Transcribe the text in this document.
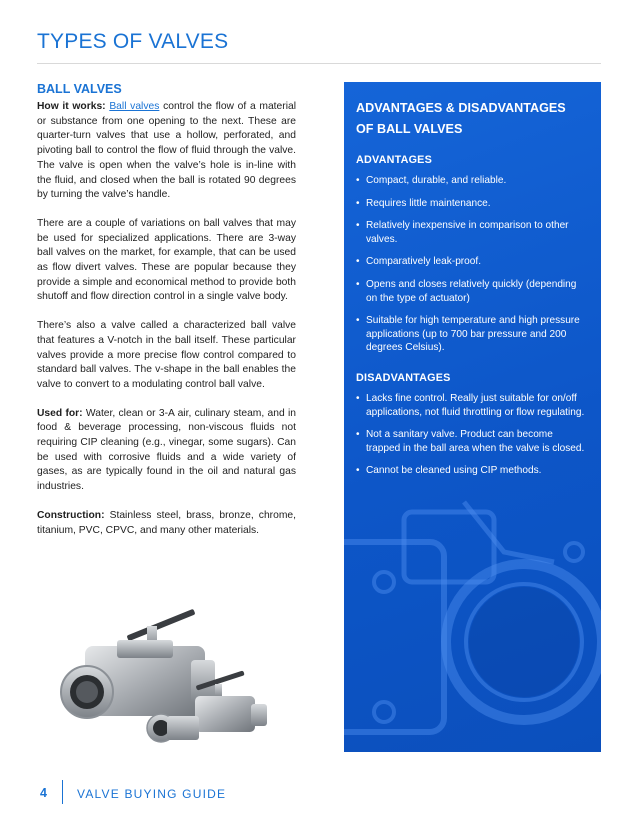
TYPES OF VALVES
BALL VALVES

How it works: Ball valves control the flow of a material or substance from one opening to the next. These are quarter-turn valves that use a hollow, perforated, and pivoting ball to control the flow of fluid through the valve. The valve is open when the valve’s hole is in-line with the fluid, and closed when the ball is rotated 90 degrees by turning the valve’s handle.

There are a couple of variations on ball valves that may be used for specialized applications. There are 3-way ball valves on the market, for example, that can be used as flow divert valves. These are popular because they provide a simple and economical method to provide both shutoff and flow direction control in a single valve body.

There’s also a valve called a characterized ball valve that features a V-notch in the ball itself. These particular valves provide a more precise flow control compared to standard ball valves. The v-shape in the ball enables the valve to convert to a modulating control ball valve.

Used for: Water, clean or 3-A air, culinary steam, and in food & beverage processing, non-viscous fluids not requiring CIP cleaning (e.g., vinegar, some sugars). Can be used with corrosive fluids and a wide variety of gases, as are typically found in the oil and natural gas industries.

Construction: Stainless steel, brass, bronze, chrome, titanium, PVC, CPVC, and many other materials.

ADVANTAGES & DISADVANTAGES
OF BALL VALVES
ADVANTAGES
• Compact, durable, and reliable.
• Requires little maintenance.
• Relatively inexpensive in comparison to other valves.
• Comparatively leak-proof.
• Opens and closes relatively quickly (depending on the type of actuator)
• Suitable for high temperature and high pressure applications (up to 700 bar pressure and 200 degrees Celsius).
DISADVANTAGES
• Lacks fine control. Really just suitable for on/off applications, not fluid throttling or flow regulating.
• Not a sanitary valve. Product can become trapped in the ball area when the valve is closed.
• Cannot be cleaned using CIP methods.
4	VALVE BUYING GUIDE
